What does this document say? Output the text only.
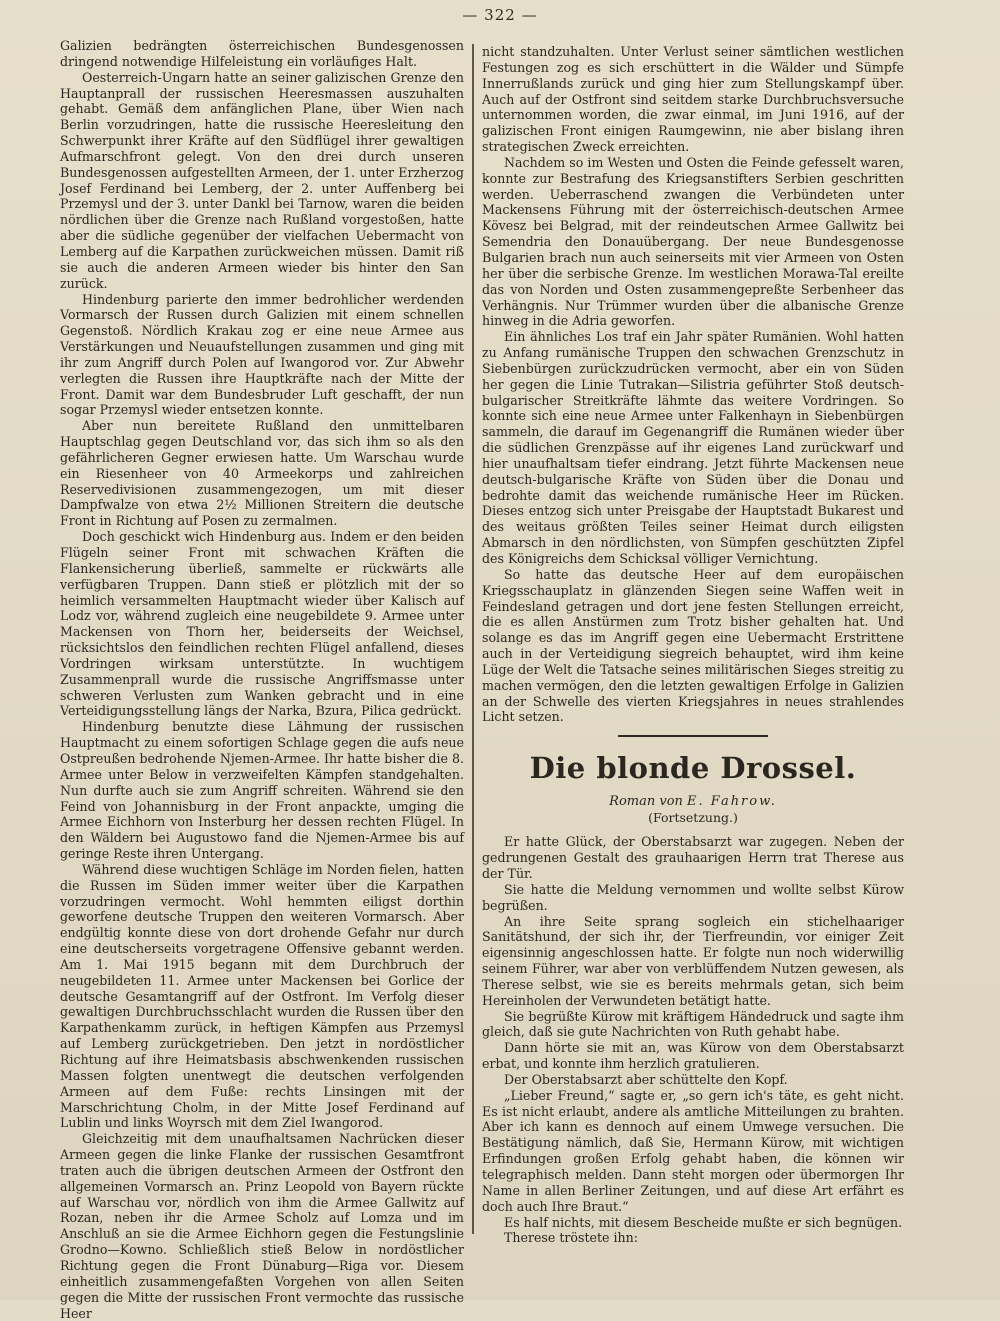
— 322 —

Galizien bedrängten österreichischen Bundesgenossen dringend notwendige Hilfeleistung ein vorläufiges Halt.

Oesterreich-Ungarn hatte an seiner galizischen Grenze den Hauptanprall der russischen Heeresmassen auszuhalten gehabt. Gemäß dem anfänglichen Plane, über Wien nach Berlin vorzudringen, hatte die russische Heeresleitung den Schwerpunkt ihrer Kräfte auf den Südflügel ihrer gewaltigen Aufmarschfront gelegt. Von den drei durch unseren Bundesgenossen aufgestellten Armeen, der 1. unter Erzherzog Josef Ferdinand bei Lemberg, der 2. unter Auffenberg bei Przemysl und der 3. unter Dankl bei Tarnow, waren die beiden nördlichen über die Grenze nach Rußland vorgestoßen, hatte aber die südliche gegenüber der vielfachen Uebermacht von Lemberg auf die Karpathen zurückweichen müssen. Damit riß sie auch die anderen Armeen wieder bis hinter den San zurück.

Hindenburg parierte den immer bedrohlicher werdenden Vormarsch der Russen durch Galizien mit einem schnellen Gegenstoß. Nördlich Krakau zog er eine neue Armee aus Verstärkungen und Neuaufstellungen zusammen und ging mit ihr zum Angriff durch Polen auf Iwangorod vor. Zur Abwehr verlegten die Russen ihre Hauptkräfte nach der Mitte der Front. Damit war dem Bundesbruder Luft geschafft, der nun sogar Przemysl wieder entsetzen konnte.

Aber nun bereitete Rußland den unmittelbaren Hauptschlag gegen Deutschland vor, das sich ihm so als den gefährlicheren Gegner erwiesen hatte. Um Warschau wurde ein Riesenheer von 40 Armeekorps und zahlreichen Reservedivisionen zusammengezogen, um mit dieser Dampfwalze von etwa 2½ Millionen Streitern die deutsche Front in Richtung auf Posen zu zermalmen.

Doch geschickt wich Hindenburg aus. Indem er den beiden Flügeln seiner Front mit schwachen Kräften die Flankensicherung überließ, sammelte er rückwärts alle verfügbaren Truppen. Dann stieß er plötzlich mit der so heimlich versammelten Hauptmacht wieder über Kalisch auf Lodz vor, während zugleich eine neugebildete 9. Armee unter Mackensen von Thorn her, beiderseits der Weichsel, rücksichtslos den feindlichen rechten Flügel anfallend, dieses Vordringen wirksam unterstützte. In wuchtigem Zusammenprall wurde die russische Angriffsmasse unter schweren Verlusten zum Wanken gebracht und in eine Verteidigungsstellung längs der Narka, Bzura, Pilica gedrückt.

Hindenburg benutzte diese Lähmung der russischen Hauptmacht zu einem sofortigen Schlage gegen die aufs neue Ostpreußen bedrohende Njemen-Armee. Ihr hatte bisher die 8. Armee unter Below in verzweifelten Kämpfen standgehalten. Nun durfte auch sie zum Angriff schreiten. Während sie den Feind von Johannisburg in der Front anpackte, umging die Armee Eichhorn von Insterburg her dessen rechten Flügel. In den Wäldern bei Augustowo fand die Njemen-Armee bis auf geringe Reste ihren Untergang.

Während diese wuchtigen Schläge im Norden fielen, hatten die Russen im Süden immer weiter über die Karpathen vorzudringen vermocht. Wohl hemmten eiligst dorthin geworfene deutsche Truppen den weiteren Vormarsch. Aber endgültig konnte diese von dort drohende Gefahr nur durch eine deutscherseits vorgetragene Offensive gebannt werden. Am 1. Mai 1915 begann mit dem Durchbruch der neugebildeten 11. Armee unter Mackensen bei Gorlice der deutsche Gesamtangriff auf der Ostfront. Im Verfolg dieser gewaltigen Durchbruchsschlacht wurden die Russen über den Karpathenkamm zurück, in heftigen Kämpfen aus Przemysl auf Lemberg zurückgetrieben. Den jetzt in nordöstlicher Richtung auf ihre Heimatsbasis abschwenkenden russischen Massen folgten unentwegt die deutschen verfolgenden Armeen auf dem Fuße: rechts Linsingen mit der Marschrichtung Cholm, in der Mitte Josef Ferdinand auf Lublin und links Woyrsch mit dem Ziel Iwangorod.

Gleichzeitig mit dem unaufhaltsamen Nachrücken dieser Armeen gegen die linke Flanke der russischen Gesamtfront traten auch die übrigen deutschen Armeen der Ostfront den allgemeinen Vormarsch an. Prinz Leopold von Bayern rückte auf Warschau vor, nördlich von ihm die Armee Gallwitz auf Rozan, neben ihr die Armee Scholz auf Lomza und im Anschluß an sie die Armee Eichhorn gegen die Festungslinie Grodno—Kowno. Schließlich stieß Below in nordöstlicher Richtung gegen die Front Dünaburg—Riga vor. Diesem einheitlich zusammengefaßten Vorgehen von allen Seiten gegen die Mitte der russischen Front vermochte das russische Heer

nicht standzuhalten. Unter Verlust seiner sämtlichen westlichen Festungen zog es sich erschüttert in die Wälder und Sümpfe Innerrußlands zurück und ging hier zum Stellungskampf über. Auch auf der Ostfront sind seitdem starke Durchbruchsversuche unternommen worden, die zwar einmal, im Juni 1916, auf der galizischen Front einigen Raumgewinn, nie aber bislang ihren strategischen Zweck erreichten.

Nachdem so im Westen und Osten die Feinde gefesselt waren, konnte zur Bestrafung des Kriegsanstifters Serbien geschritten werden. Ueberraschend zwangen die Verbündeten unter Mackensens Führung mit der österreichisch-deutschen Armee Kövesz bei Belgrad, mit der reindeutschen Armee Gallwitz bei Semendria den Donauübergang. Der neue Bundesgenosse Bulgarien brach nun auch seinerseits mit vier Armeen von Osten her über die serbische Grenze. Im westlichen Morawa-Tal ereilte das von Norden und Osten zusammengepreßte Serbenheer das Verhängnis. Nur Trümmer wurden über die albanische Grenze hinweg in die Adria geworfen.

Ein ähnliches Los traf ein Jahr später Rumänien. Wohl hatten zu Anfang rumänische Truppen den schwachen Grenzschutz in Siebenbürgen zurückzudrücken vermocht, aber ein von Süden her gegen die Linie Tutrakan—Silistria geführter Stoß deutsch-bulgarischer Streitkräfte lähmte das weitere Vordringen. So konnte sich eine neue Armee unter Falkenhayn in Siebenbürgen sammeln, die darauf im Gegenangriff die Rumänen wieder über die südlichen Grenzpässe auf ihr eigenes Land zurückwarf und hier unaufhaltsam tiefer eindrang. Jetzt führte Mackensen neue deutsch-bulgarische Kräfte von Süden über die Donau und bedrohte damit das weichende rumänische Heer im Rücken. Dieses entzog sich unter Preisgabe der Hauptstadt Bukarest und des weitaus größten Teiles seiner Heimat durch eiligsten Abmarsch in den nördlichsten, von Sümpfen geschützten Zipfel des Königreichs dem Schicksal völliger Vernichtung.

So hatte das deutsche Heer auf dem europäischen Kriegsschauplatz in glänzenden Siegen seine Waffen weit in Feindesland getragen und dort jene festen Stellungen erreicht, die es allen Anstürmen zum Trotz bisher gehalten hat. Und solange es das im Angriff gegen eine Uebermacht Erstrittene auch in der Verteidigung siegreich behauptet, wird ihm keine Lüge der Welt die Tatsache seines militärischen Sieges streitig zu machen vermögen, den die letzten gewaltigen Erfolge in Galizien an der Schwelle des vierten Kriegsjahres in neues strahlendes Licht setzen.

Die blonde Drossel.
Roman von E. Fahrow.
(Fortsetzung.)

Er hatte Glück, der Oberstabsarzt war zugegen. Neben der gedrungenen Gestalt des grauhaarigen Herrn trat Therese aus der Tür.

Sie hatte die Meldung vernommen und wollte selbst Kürow begrüßen.

An ihre Seite sprang sogleich ein stichelhaariger Sanitätshund, der sich ihr, der Tierfreundin, vor einiger Zeit eigensinnig angeschlossen hatte. Er folgte nun noch widerwillig seinem Führer, war aber von verblüffendem Nutzen gewesen, als Therese selbst, wie sie es bereits mehrmals getan, sich beim Hereinholen der Verwundeten betätigt hatte.

Sie begrüßte Kürow mit kräftigem Händedruck und sagte ihm gleich, daß sie gute Nachrichten von Ruth gehabt habe.

Dann hörte sie mit an, was Kürow von dem Oberstabsarzt erbat, und konnte ihm herzlich gratulieren.

Der Oberstabsarzt aber schüttelte den Kopf.

„Lieber Freund,“ sagte er, „so gern ich's täte, es geht nicht. Es ist nicht erlaubt, andere als amtliche Mitteilungen zu brahten. Aber ich kann es dennoch auf einem Umwege versuchen. Die Bestätigung nämlich, daß Sie, Hermann Kürow, mit wichtigen Erfindungen großen Erfolg gehabt haben, die können wir telegraphisch melden. Dann steht morgen oder übermorgen Ihr Name in allen Berliner Zeitungen, und auf diese Art erfährt es doch auch Ihre Braut.“

Es half nichts, mit diesem Bescheide mußte er sich begnügen.

Therese tröstete ihn:
